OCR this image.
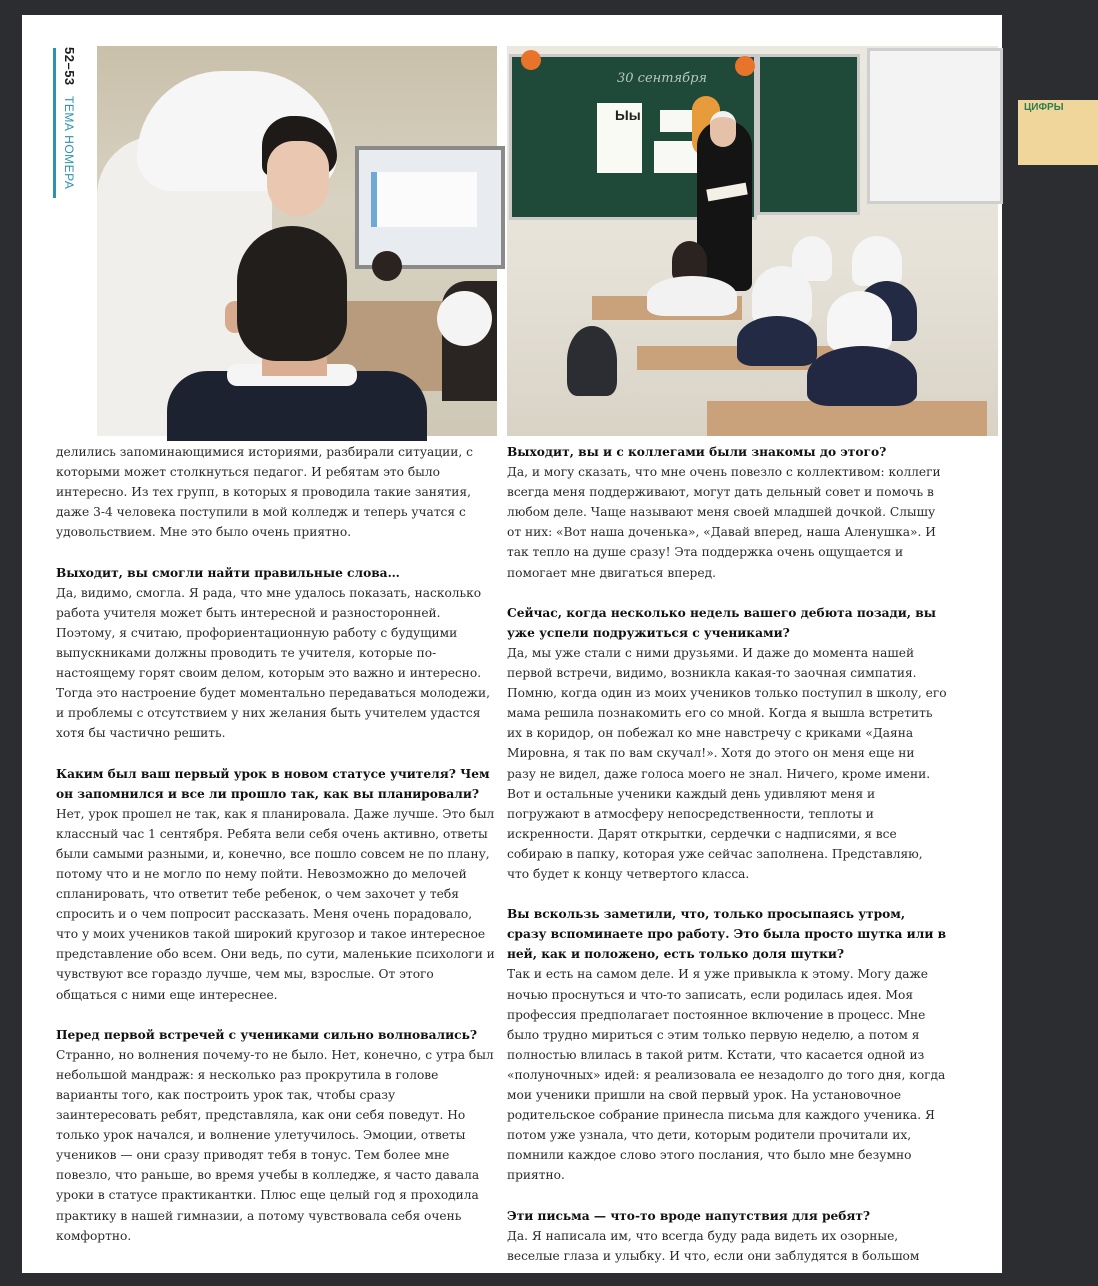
52–53 ТЕМА НОМЕРА
30 сентября
Ыы	ЦИФРЫ

делились запоминающимися историями, разбирали ситуации, с которыми может столкнуться педагог. И ребятам это было интересно. Из тех групп, в которых я проводила такие занятия, даже 3-4 человека поступили в мой колледж и теперь учатся с удовольствием. Мне это было очень приятно.

Выходит, вы смогли найти правильные слова…
Да, видимо, смогла. Я рада, что мне удалось показать, насколько работа учителя может быть интересной и разносторонней. Поэтому, я считаю, профориентационную работу с будущими выпускниками должны проводить те учителя, которые по-настоящему горят своим делом, которым это важно и интересно. Тогда это настроение будет моментально передаваться молодежи, и проблемы с отсутствием у них желания быть учителем удастся хотя бы частично решить.

Каким был ваш первый урок в новом статусе учителя? Чем он запомнился и все ли прошло так, как вы планировали?
Нет, урок прошел не так, как я планировала. Даже лучше. Это был классный час 1 сентября. Ребята вели себя очень активно, ответы были самыми разными, и, конечно, все пошло совсем не по плану, потому что и не могло по нему пойти. Невозможно до мелочей спланировать, что ответит тебе ребенок, о чем захочет у тебя спросить и о чем попросит рассказать. Меня очень порадовало, что у моих учеников такой широкий кругозор и такое интересное представление обо всем. Они ведь, по сути, маленькие психологи и чувствуют все гораздо лучше, чем мы, взрослые. От этого общаться с ними еще интереснее.

Перед первой встречей с учениками сильно волновались?
Странно, но волнения почему-то не было. Нет, конечно, с утра был небольшой мандраж: я несколько раз прокрутила в голове варианты того, как построить урок так, чтобы сразу заинтересовать ребят, представляла, как они себя поведут. Но только урок начался, и волнение улетучилось. Эмоции, ответы учеников — они сразу приводят тебя в тонус. Тем более мне повезло, что раньше, во время учебы в колледже, я часто давала уроки в статусе практикантки. Плюс еще целый год я проходила практику в нашей гимназии, а потому чувствовала себя очень комфортно.

Выходит, вы и с коллегами были знакомы до этого?
Да, и могу сказать, что мне очень повезло с коллективом: коллеги всегда меня поддерживают, могут дать дельный совет и помочь в любом деле. Чаще называют меня своей младшей дочкой. Слышу от них: «Вот наша доченька», «Давай вперед, наша Аленушка». И так тепло на душе сразу! Эта поддержка очень ощущается и помогает мне двигаться вперед.

Сейчас, когда несколько недель вашего дебюта позади, вы уже успели подружиться с учениками?
Да, мы уже стали с ними друзьями. И даже до момента нашей первой встречи, видимо, возникла какая-то заочная симпатия. Помню, когда один из моих учеников только поступил в школу, его мама решила познакомить его со мной. Когда я вышла встретить их в коридор, он побежал ко мне навстречу с криками «Даяна Мировна, я так по вам скучал!». Хотя до этого он меня еще ни разу не видел, даже голоса моего не знал. Ничего, кроме имени. Вот и остальные ученики каждый день удивляют меня и погружают в атмосферу непосредственности, теплоты и искренности. Дарят открытки, сердечки с надписями, я все собираю в папку, которая уже сейчас заполнена. Представляю, что будет к концу четвертого класса.

Вы вскользь заметили, что, только просыпаясь утром, сразу вспоминаете про работу. Это была просто шутка или в ней, как и положено, есть только доля шутки?
Так и есть на самом деле. И я уже привыкла к этому. Могу даже ночью проснуться и что-то записать, если родилась идея. Моя профессия предполагает постоянное включение в процесс. Мне было трудно мириться с этим только первую неделю, а потом я полностью влилась в такой ритм. Кстати, что касается одной из «полуночных» идей: я реализовала ее незадолго до того дня, когда мои ученики пришли на свой первый урок. На установочное родительское собрание принесла письма для каждого ученика. Я потом уже узнала, что дети, которым родители прочитали их, помнили каждое слово этого послания, что было мне безумно приятно.

Эти письма — что-то вроде напутствия для ребят?
Да. Я написала им, что всегда буду рада видеть их озорные, веселые глаза и улыбку. И что, если они заблудятся в большом
